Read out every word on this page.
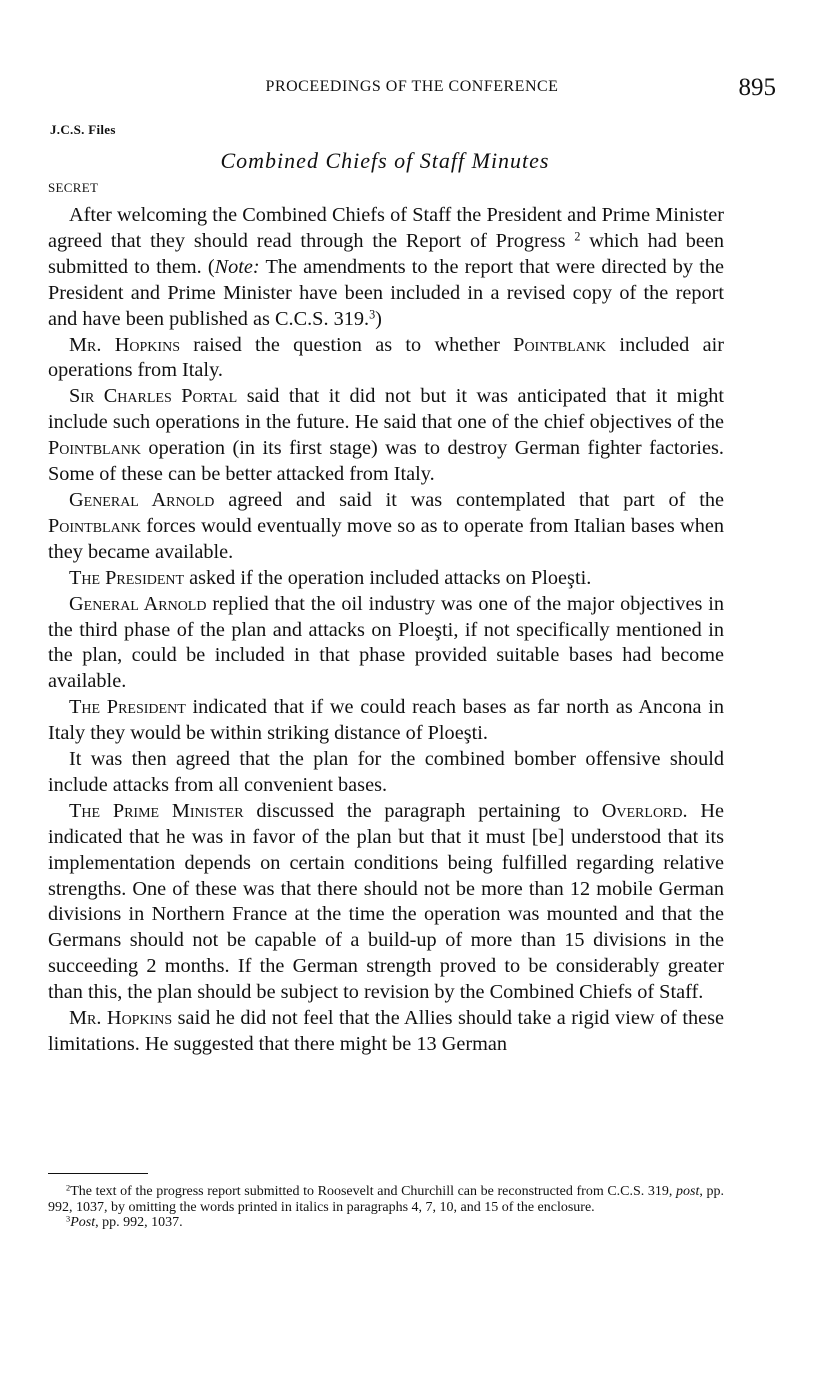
PROCEEDINGS OF THE CONFERENCE	895
J.C.S. Files
Combined Chiefs of Staff Minutes
SECRET

After welcoming the Combined Chiefs of Staff the President and Prime Minister agreed that they should read through the Report of Progress $^2$ which had been submitted to them. (Note: The amendments to the report that were directed by the President and Prime Minister have been included in a revised copy of the report and have been published as C.C.S. 319.$^3$)

Mr. Hopkins raised the question as to whether Pointblank included air operations from Italy.

Sir Charles Portal said that it did not but it was anticipated that it might include such operations in the future. He said that one of the chief objectives of the Pointblank operation (in its first stage) was to destroy German fighter factories. Some of these can be better attacked from Italy.

General Arnold agreed and said it was contemplated that part of the Pointblank forces would eventually move so as to operate from Italian bases when they became available.

The President asked if the operation included attacks on Ploeşti.

General Arnold replied that the oil industry was one of the major objectives in the third phase of the plan and attacks on Ploeşti, if not specifically mentioned in the plan, could be included in that phase provided suitable bases had become available.

The President indicated that if we could reach bases as far north as Ancona in Italy they would be within striking distance of Ploeşti.

It was then agreed that the plan for the combined bomber offensive should include attacks from all convenient bases.

The Prime Minister discussed the paragraph pertaining to Overlord. He indicated that he was in favor of the plan but that it must [be] understood that its implementation depends on certain conditions being fulfilled regarding relative strengths. One of these was that there should not be more than 12 mobile German divisions in Northern France at the time the operation was mounted and that the Germans should not be capable of a build-up of more than 15 divisions in the succeeding 2 months. If the German strength proved to be considerably greater than this, the plan should be subject to revision by the Combined Chiefs of Staff.

Mr. Hopkins said he did not feel that the Allies should take a rigid view of these limitations. He suggested that there might be 13 German

$^2$The text of the progress report submitted to Roosevelt and Churchill can be reconstructed from C.C.S. 319, post, pp. 992, 1037, by omitting the words printed in italics in paragraphs 4, 7, 10, and 15 of the enclosure.

$^3$Post, pp. 992, 1037.
